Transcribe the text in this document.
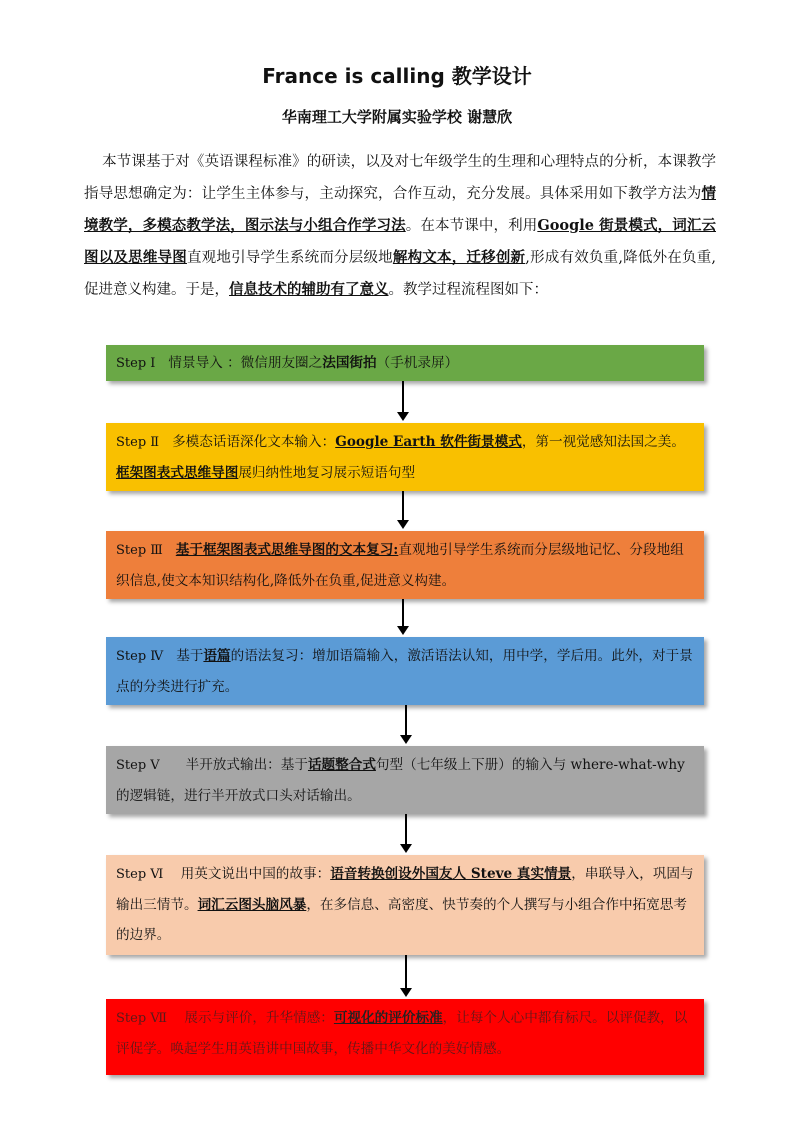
France is calling 教学设计
华南理工大学附属实验学校 谢慧欣
本节课基于对《英语课程标准》的研读，以及对七年级学生的生理和心理特点的分析，本课教学指导思想确定为：让学生主体参与，主动探究，合作互动，充分发展。具体采用如下教学方法为情境教学，多模态教学法，图示法与小组合作学习法。在本节课中，利用Google 街景模式，词汇云图以及思维导图直观地引导学生系统而分层级地解构文本，迁移创新,形成有效负重,降低外在负重,促进意义构建。于是，信息技术的辅助有了意义。教学过程流程图如下：
Step Ⅰ 情景导入 ：微信朋友圈之法国街拍（手机录屏）
Step Ⅱ 多模态话语深化文本输入：Google Earth 软件街景模式，第一视觉感知法国之美。框架图表式思维导图展归纳性地复习展示短语句型
Step Ⅲ 基于框架图表式思维导图的文本复习:直观地引导学生系统而分层级地记忆、分段地组织信息,使文本知识结构化,降低外在负重,促进意义构建。
Step Ⅳ 基于语篇的语法复习：增加语篇输入，激活语法认知，用中学，学后用。此外，对于景点的分类进行扩充。
Step Ⅴ 半开放式输出：基于话题整合式句型（七年级上下册）的输入与 where-what-why 的逻辑链，进行半开放式口头对话输出。
Step Ⅵ 用英文说出中国的故事：语音转换创设外国友人 Steve 真实情景，串联导入，巩固与输出三情节。词汇云图头脑风暴，在多信息、高密度、快节奏的个人撰写与小组合作中拓宽思考的边界。
Step Ⅶ 展示与评价，升华情感：可视化的评价标准，让每个人心中都有标尺。以评促教，以评促学。唤起学生用英语讲中国故事，传播中华文化的美好情感。
